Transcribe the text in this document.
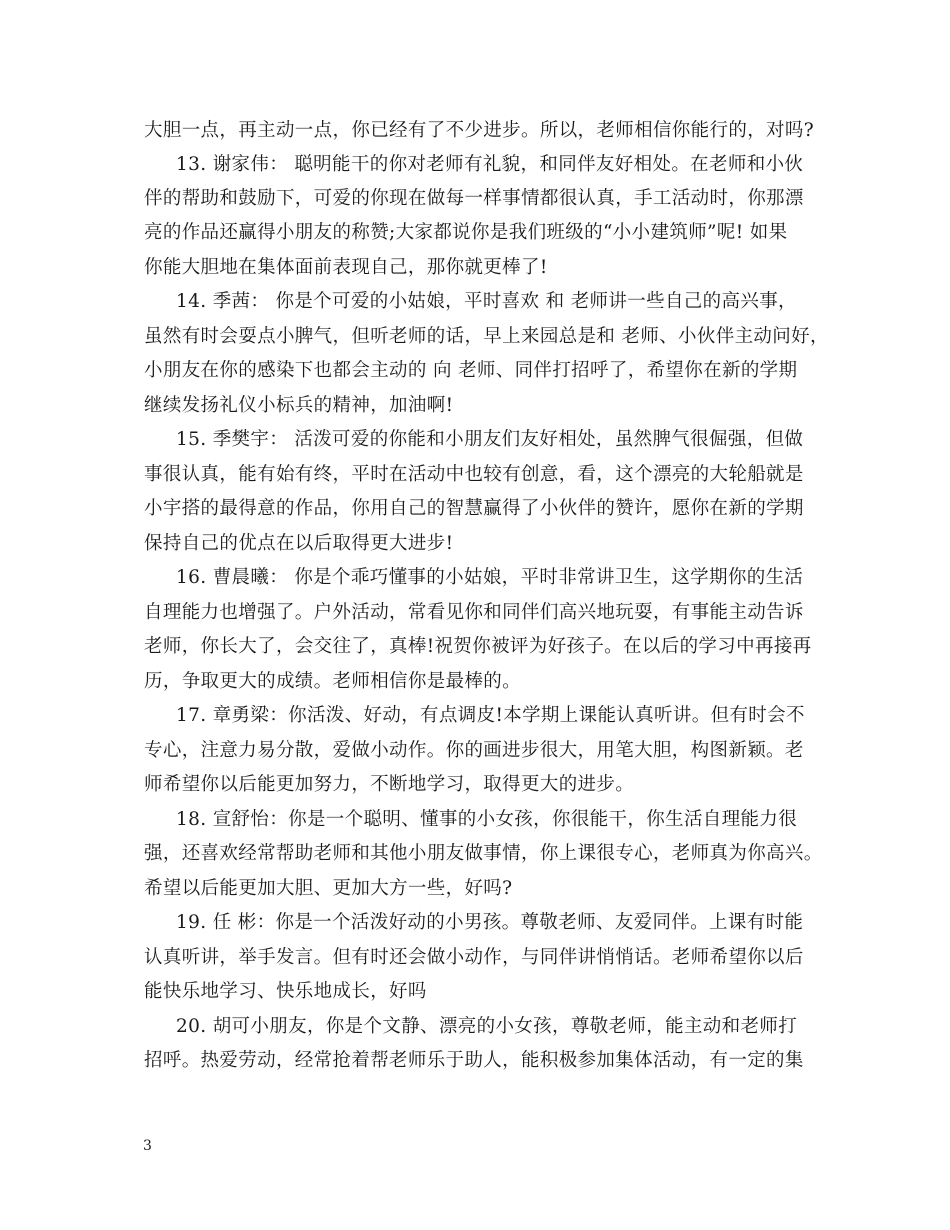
大胆一点，再主动一点，你已经有了不少进步。所以，老师相信你能行的，对吗?
13. 谢家伟： 聪明能干的你对老师有礼貌，和同伴友好相处。在老师和小伙
伴的帮助和鼓励下，可爱的你现在做每一样事情都很认真，手工活动时，你那漂
亮的作品还赢得小朋友的称赞;大家都说你是我们班级的“小小建筑师”呢! 如果
你能大胆地在集体面前表现自己，那你就更棒了!
14. 季茜： 你是个可爱的小姑娘，平时喜欢 和 老师讲一些自己的高兴事，
虽然有时会耍点小脾气，但听老师的话，早上来园总是和 老师、小伙伴主动问好，
小朋友在你的感染下也都会主动的 向 老师、同伴打招呼了，希望你在新的学期
继续发扬礼仪小标兵的精神，加油啊!
15. 季樊宇： 活泼可爱的你能和小朋友们友好相处，虽然脾气很倔强，但做
事很认真，能有始有终，平时在活动中也较有创意，看，这个漂亮的大轮船就是
小宇搭的最得意的作品，你用自己的智慧赢得了小伙伴的赞许，愿你在新的学期
保持自己的优点在以后取得更大进步!
16. 曹晨曦： 你是个乖巧懂事的小姑娘，平时非常讲卫生，这学期你的生活
自理能力也增强了。户外活动，常看见你和同伴们高兴地玩耍，有事能主动告诉
老师，你长大了，会交往了，真棒!祝贺你被评为好孩子。在以后的学习中再接再
历，争取更大的成绩。老师相信你是最棒的。
17. 章勇梁：你活泼、好动，有点调皮!本学期上课能认真听讲。但有时会不
专心，注意力易分散，爱做小动作。你的画进步很大，用笔大胆，构图新颖。老
师希望你以后能更加努力，不断地学习，取得更大的进步。
18. 宣舒怡：你是一个聪明、懂事的小女孩，你很能干，你生活自理能力很
强，还喜欢经常帮助老师和其他小朋友做事情，你上课很专心，老师真为你高兴。
希望以后能更加大胆、更加大方一些，好吗?
19. 任 彬：你是一个活泼好动的小男孩。尊敬老师、友爱同伴。上课有时能
认真听讲，举手发言。但有时还会做小动作，与同伴讲悄悄话。老师希望你以后
能快乐地学习、快乐地成长，好吗
20. 胡可小朋友，你是个文静、漂亮的小女孩，尊敬老师，能主动和老师打
招呼。热爱劳动，经常抢着帮老师乐于助人，能积极参加集体活动，有一定的集
3
